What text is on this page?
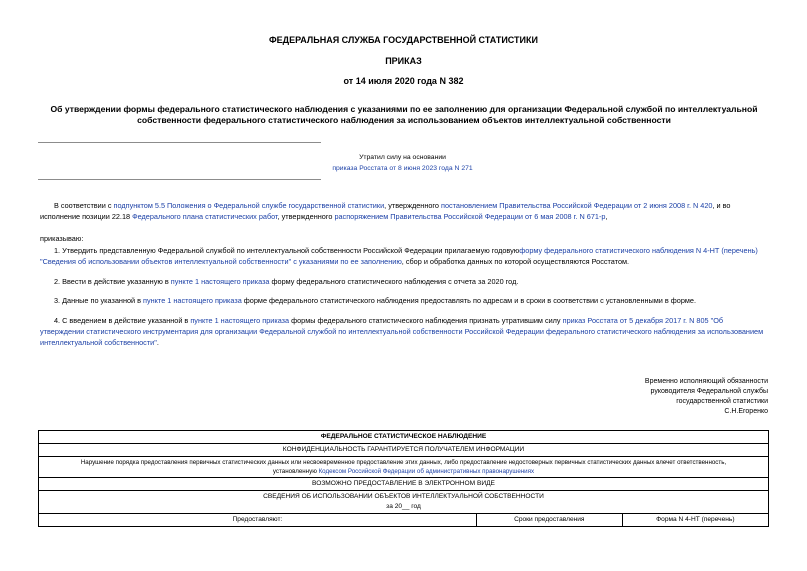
ФЕДЕРАЛЬНАЯ СЛУЖБА ГОСУДАРСТВЕННОЙ СТАТИСТИКИ
ПРИКАЗ
от 14 июля 2020 года N 382
Об утверждении формы федерального статистического наблюдения с указаниями по ее заполнению для организации Федеральной службой по интеллектуальной собственности федерального статистического наблюдения за использованием объектов интеллектуальной собственности
Утратил силу на основании
приказа Росстата от 8 июня 2023 года N 271
В соответствии с подпунктом 5.5 Положения о Федеральной службе государственной статистики, утвержденного постановлением Правительства Российской Федерации от 2 июня 2008 г. N 420, и во исполнение позиции 22.18 Федерального плана статистических работ, утвержденного распоряжением Правительства Российской Федерации от 6 мая 2008 г. N 671-р,
приказываю:
1. Утвердить представленную Федеральной службой по интеллектуальной собственности Российской Федерации прилагаемую годовуюформу федерального статистического наблюдения N 4-НТ (перечень) "Сведения об использовании объектов интеллектуальной собственности" с указаниями по ее заполнению, сбор и обработка данных по которой осуществляются Росстатом.
2. Ввести в действие указанную в пункте 1 настоящего приказа форму федерального статистического наблюдения с отчета за 2020 год.
3. Данные по указанной в пункте 1 настоящего приказа форме федерального статистического наблюдения предоставлять по адресам и в сроки в соответствии с установленными в форме.
4. С введением в действие указанной в пункте 1 настоящего приказа формы федерального статистического наблюдения признать утратившим силу приказ Росстата от 5 декабря 2017 г. N 805 "Об утверждении статистического инструментария для организации Федеральной службой по интеллектуальной собственности Российской Федерации федерального статистического наблюдения за использованием интеллектуальной собственности".
Временно исполняющий обязанности
руководителя Федеральной службы
государственной статистики
С.Н.Егоренко
ФЕДЕРАЛЬНОЕ СТАТИСТИЧЕСКОЕ НАБЛЮДЕНИЕ
КОНФИДЕНЦИАЛЬНОСТЬ ГАРАНТИРУЕТСЯ ПОЛУЧАТЕЛЕМ ИНФОРМАЦИИ

Нарушение порядка предоставления первичных статистических данных или несвоевременное предоставление этих данных, либо предоставление недостоверных первичных статистических данных влечет ответственность,
установленную Кодексом Российской Федерации об административных правонарушениях
ВОЗМОЖНО ПРЕДОСТАВЛЕНИЕ В ЭЛЕКТРОННОМ ВИДЕ

СВЕДЕНИЯ ОБ ИСПОЛЬЗОВАНИИ ОБЪЕКТОВ ИНТЕЛЛЕКТУАЛЬНОЙ СОБСТВЕННОСТИ
за 20__ год

Предоставляют:	Сроки предоставления	Форма N 4-НТ (перечень)
